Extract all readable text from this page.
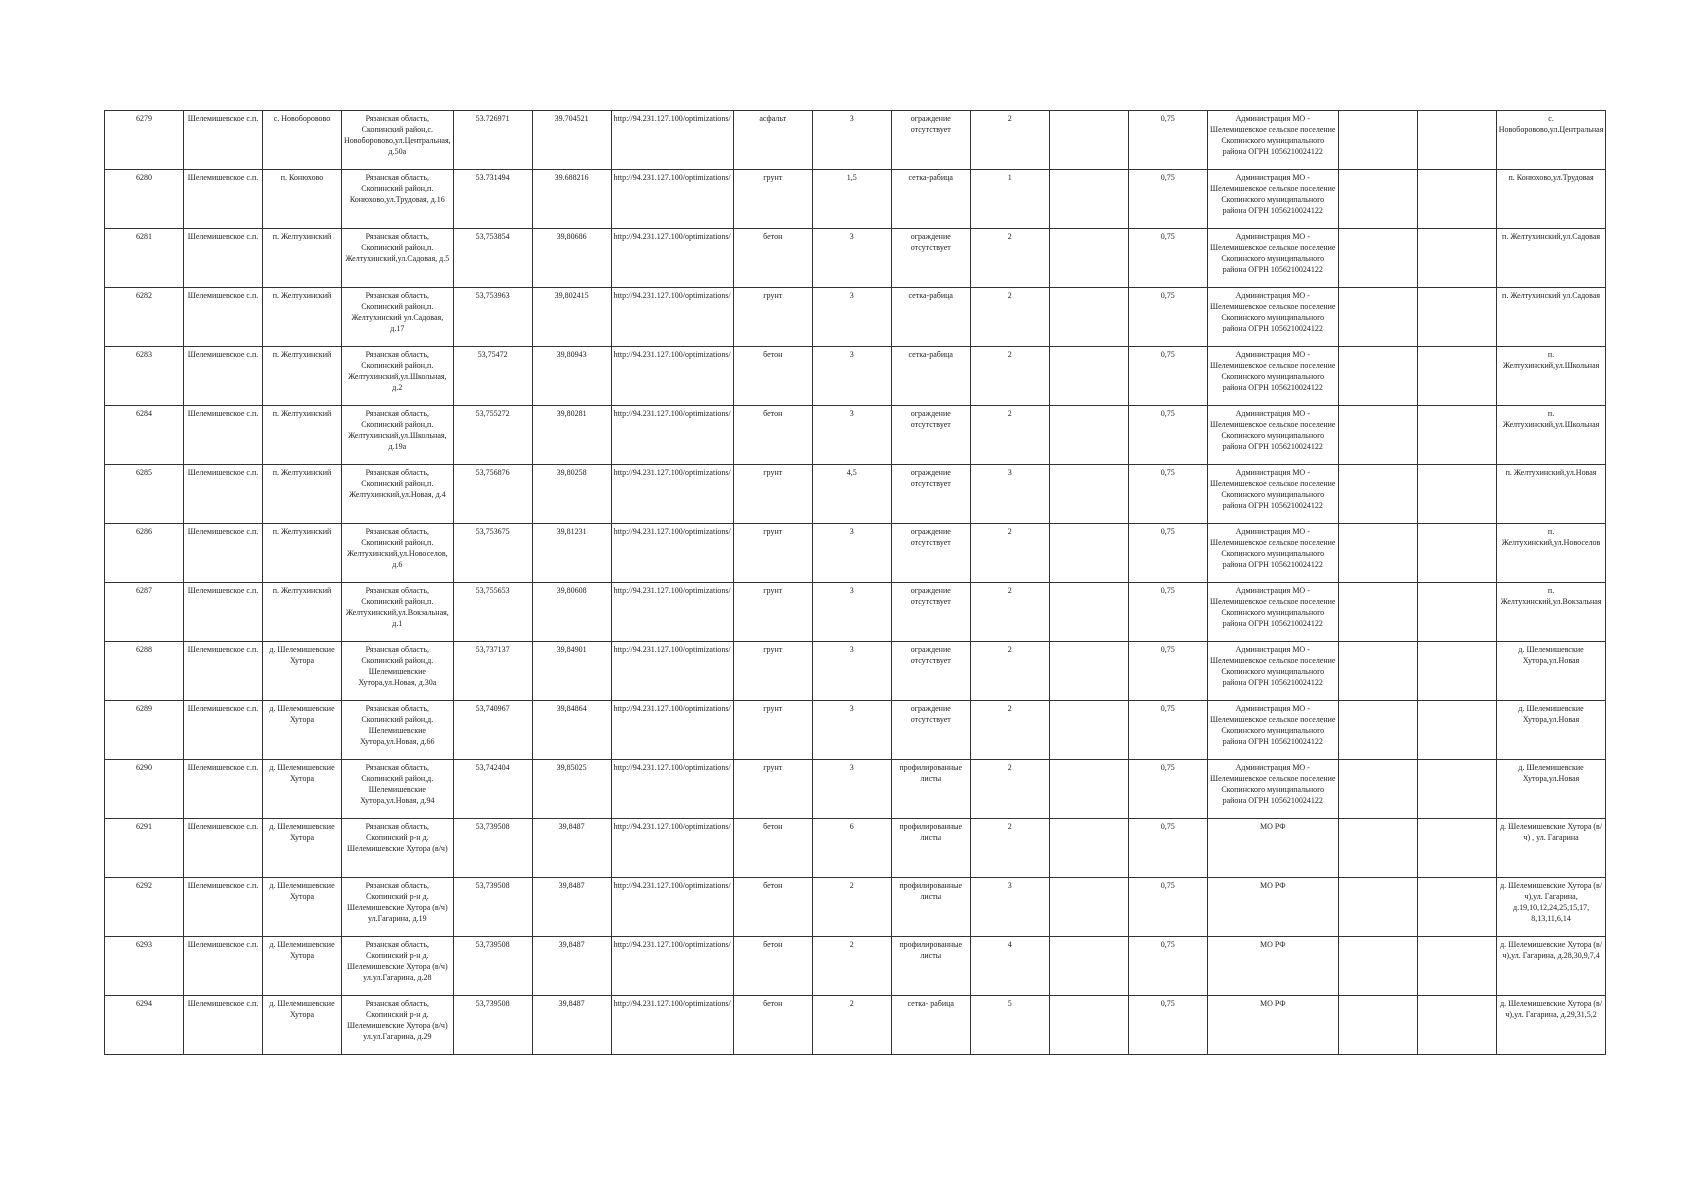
6279	Шелемишевское с.п.	с. Новоборовово	Рязанская область, Скопинский район,с. Новоборовово,ул.Центральная, д.50а	53.726971	39.704521	http://94.231.127.100/optimizations/	асфальт	3	ограждение отсутствует	2		0,75	Администрация МО - Шелемишевское сельское поселение Скопинского муниципального района ОГРН 1056210024122			с. Новоборовово,ул.Центральная
6280	Шелемишевское с.п.	п. Конюхово	Рязанская область, Скопинский район,п. Конюхово,ул.Трудовая, д.16	53.731494	39.688216	http://94.231.127.100/optimizations/	грунт	1,5	сетка-рабица	1		0,75	Администрация МО - Шелемишевское сельское поселение Скопинского муниципального района ОГРН 1056210024122			п. Конюхово,ул.Трудовая
6281	Шелемишевское с.п.	п. Желтухинский	Рязанская область, Скопинский район,п. Желтухинский,ул.Садовая, д.5	53,753854	39,80686	http://94.231.127.100/optimizations/	бетон	3	ограждение отсутствует	2		0,75	Администрация МО - Шелемишевское сельское поселение Скопинского муниципального района ОГРН 1056210024122			п. Желтухинский,ул.Садовая
6282	Шелемишевское с.п.	п. Желтухинский	Рязанская область, Скопинский район,п. Желтухинский ул.Садовая, д.17	53,753963	39,802415	http://94.231.127.100/optimizations/	грунт	3	сетка-рабица	2		0,75	Администрация МО - Шелемишевское сельское поселение Скопинского муниципального района ОГРН 1056210024122			п. Желтухинский ул.Садовая
6283	Шелемишевское с.п.	п. Желтухинский	Рязанская область, Скопинский район,п. Желтухинский,ул.Школьная, д.2	53,75472	39,80943	http://94.231.127.100/optimizations/	бетон	3	сетка-рабица	2		0,75	Администрация МО - Шелемишевское сельское поселение Скопинского муниципального района ОГРН 1056210024122			п. Желтухинский,ул.Школьная
6284	Шелемишевское с.п.	п. Желтухинский	Рязанская область, Скопинский район,п. Желтухинский,ул.Школьная, д.19а	53,755272	39,80281	http://94.231.127.100/optimizations/	бетон	3	ограждение отсутствует	2		0,75	Администрация МО - Шелемишевское сельское поселение Скопинского муниципального района ОГРН 1056210024122			п. Желтухинский,ул.Школьная
6285	Шелемишевское с.п.	п. Желтухинский	Рязанская область, Скопинский район,п. Желтухинский,ул.Новая, д.4	53,756876	39,80258	http://94.231.127.100/optimizations/	грунт	4,5	ограждение отсутствует	3		0,75	Администрация МО - Шелемишевское сельское поселение Скопинского муниципального района ОГРН 1056210024122			п. Желтухинский,ул.Новая
6286	Шелемишевское с.п.	п. Желтухинский	Рязанская область, Скопинский район,п. Желтухинский,ул.Новоселов, д.6	53,753675	39,81231	http://94.231.127.100/optimizations/	грунт	3	ограждение отсутствует	2		0,75	Администрация МО - Шелемишевское сельское поселение Скопинского муниципального района ОГРН 1056210024122			п. Желтухинский,ул.Новоселов
6287	Шелемишевское с.п.	п. Желтухинский	Рязанская область, Скопинский район,п. Желтухинский,ул.Вокзальная, д.1	53,755653	39,80608	http://94.231.127.100/optimizations/	грунт	3	ограждение отсутствует	2		0,75	Администрация МО - Шелемишевское сельское поселение Скопинского муниципального района ОГРН 1056210024122			п. Желтухинский,ул.Вокзальная
6288	Шелемишевское с.п.	д. Шелемишевские Хутора	Рязанская область, Скопинский район,д. Шелемишевские Хутора,ул.Новая, д.30а	53,737137	39,84901	http://94.231.127.100/optimizations/	грунт	3	ограждение отсутствует	2		0,75	Администрация МО - Шелемишевское сельское поселение Скопинского муниципального района ОГРН 1056210024122			д. Шелемишевские Хутора,ул.Новая
6289	Шелемишевское с.п.	д. Шелемишевские Хутора	Рязанская область, Скопинский район,д. Шелемишевские Хутора,ул.Новая, д.66	53,740967	39,84864	http://94.231.127.100/optimizations/	грунт	3	ограждение отсутствует	2		0,75	Администрация МО - Шелемишевское сельское поселение Скопинского муниципального района ОГРН 1056210024122			д. Шелемишевские Хутора,ул.Новая
6290	Шелемишевское с.п.	д. Шелемишевские Хутора	Рязанская область, Скопинский район,д. Шелемишевские Хутора,ул.Новая, д.94	53,742404	39,85025	http://94.231.127.100/optimizations/	грунт	3	профилированные листы	2		0,75	Администрация МО - Шелемишевское сельское поселение Скопинского муниципального района ОГРН 1056210024122			д. Шелемишевские Хутора,ул.Новая
6291	Шелемишевское с.п.	д. Шелемишевские Хутора	Рязанская область, Скопинский р-н д. Шелемишевские Хутора (в/ч)	53,739508	39,8487	http://94.231.127.100/optimizations/	бетон	6	профилированные листы	2		0,75	МО РФ			д. Шелемишевские Хутора (в/ч) , ул. Гагарина
6292	Шелемишевское с.п.	д. Шелемишевские Хутора	Рязанская область, Скопинский р-н д. Шелемишевские Хутора (в/ч) ул.Гагарина, д.19	53,739508	39,8487	http://94.231.127.100/optimizations/	бетон	2	профилированные листы	3		0,75	МО РФ			д. Шелемишевские Хутора (в/ч),ул. Гагарина, д.19,10,12,24,25,15,17, 8,13,11,6,14
6293	Шелемишевское с.п.	д. Шелемишевские Хутора	Рязанская область, Скопинский р-н д. Шелемишевские Хутора (в/ч) ул.ул.Гагарина, д.28	53,739508	39,8487	http://94.231.127.100/optimizations/	бетон	2	профилированные листы	4		0,75	МО РФ			д. Шелемишевские Хутора (в/ч),ул. Гагарина, д.28,30,9,7,4
6294	Шелемишевское с.п.	д. Шелемишевские Хутора	Рязанская область, Скопинский р-н д. Шелемишевские Хутора (в/ч) ул.ул.Гагарина, д.29	53,739508	39,8487	http://94.231.127.100/optimizations/	бетон	2	сетка- рабица	5		0,75	МО РФ			д. Шелемишевские Хутора (в/ч),ул. Гагарина, д.29,31,5,2
